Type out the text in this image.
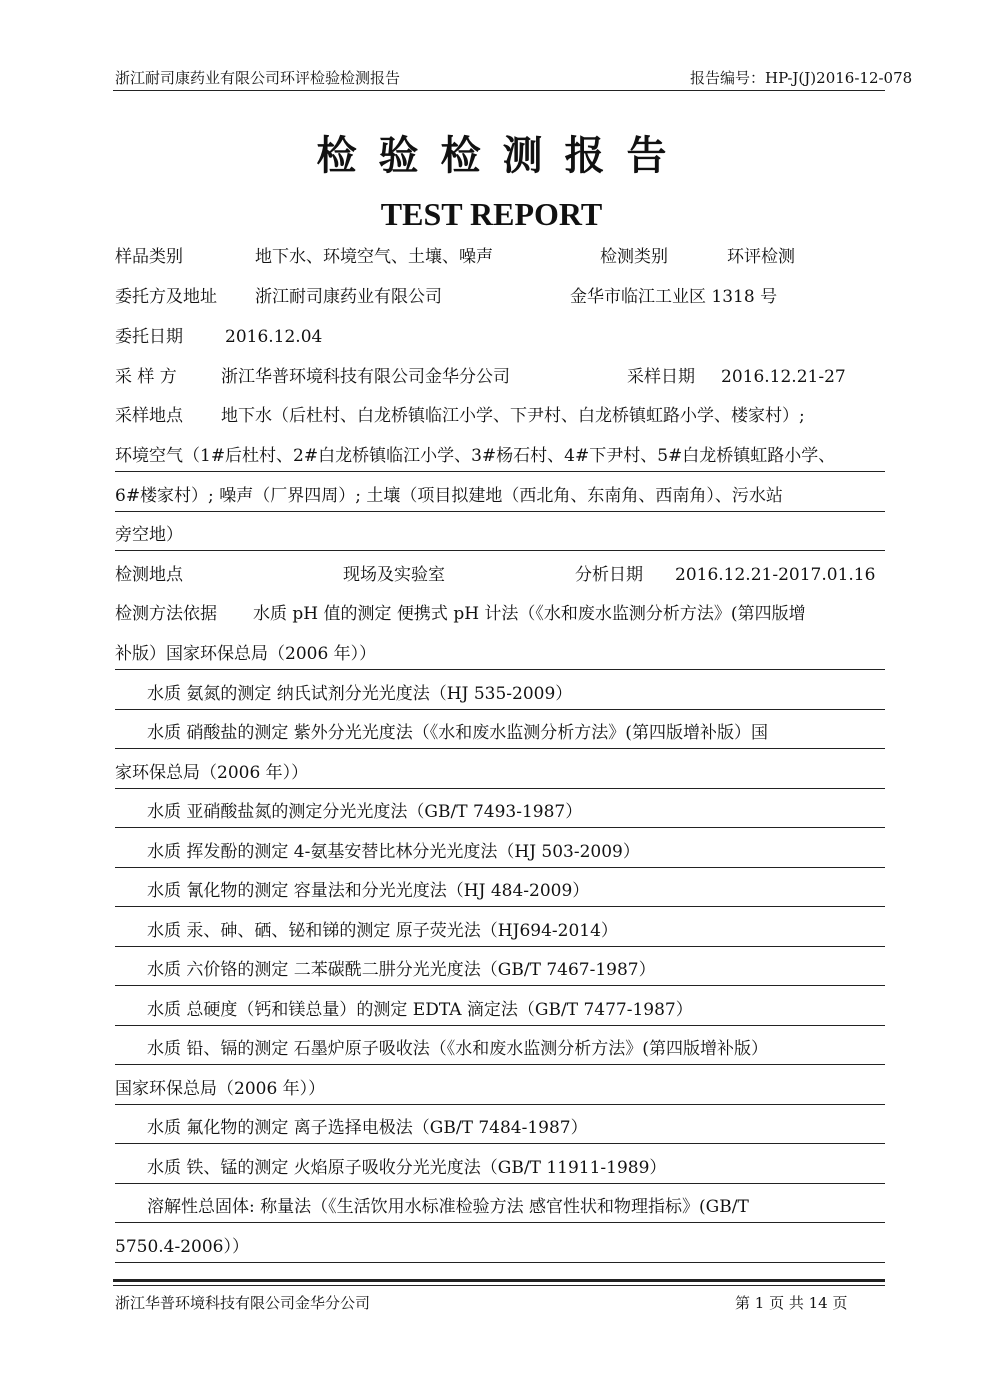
浙江耐司康药业有限公司环评检验检测报告	报告编号：HP-J(J)2016-12-078
检验检测报告
TEST REPORT
样品类别	地下水、环境空气、土壤、噪声	检测类别	环评检测
委托方及地址 浙江耐司康药业有限公司	金华市临江工业区 1318 号
委托日期 2016.12.04
采 样 方	浙江华普环境科技有限公司金华分公司	采样日期 2016.12.21-27
采样地点 地下水（后杜村、白龙桥镇临江小学、下尹村、白龙桥镇虹路小学、楼家村）;
环境空气（1#后杜村、2#白龙桥镇临江小学、3#杨石村、4#下尹村、5#白龙桥镇虹路小学、
6#楼家村）; 噪声（厂界四周）; 土壤（项目拟建地（西北角、东南角、西南角）、污水站
旁空地）
检测地点	现场及实验室	分析日期 2016.12.21-2017.01.16
检测方法依据 水质 pH 值的测定 便携式 pH 计法（《水和废水监测分析方法》(第四版增
补版）国家环保总局（2006 年））
水质 氨氮的测定 纳氏试剂分光光度法（HJ 535-2009）
水质 硝酸盐的测定 紫外分光光度法（《水和废水监测分析方法》(第四版增补版）国
家环保总局（2006 年））
水质 亚硝酸盐氮的测定分光光度法（GB/T 7493-1987）
水质 挥发酚的测定 4-氨基安替比林分光光度法（HJ 503-2009）
水质 氰化物的测定 容量法和分光光度法（HJ 484-2009）
水质 汞、砷、硒、铋和锑的测定 原子荧光法（HJ694-2014）
水质 六价铬的测定 二苯碳酰二肼分光光度法（GB/T 7467-1987）
水质 总硬度（钙和镁总量）的测定 EDTA 滴定法（GB/T 7477-1987）
水质 铅、镉的测定 石墨炉原子吸收法（《水和废水监测分析方法》(第四版增补版）
国家环保总局（2006 年））
水质 氟化物的测定 离子选择电极法（GB/T 7484-1987）
水质 铁、锰的测定 火焰原子吸收分光光度法（GB/T 11911-1989）
溶解性总固体: 称量法（《生活饮用水标准检验方法 感官性状和物理指标》(GB/T
5750.4-2006））
浙江华普环境科技有限公司金华分公司	第 1 页 共 14 页
